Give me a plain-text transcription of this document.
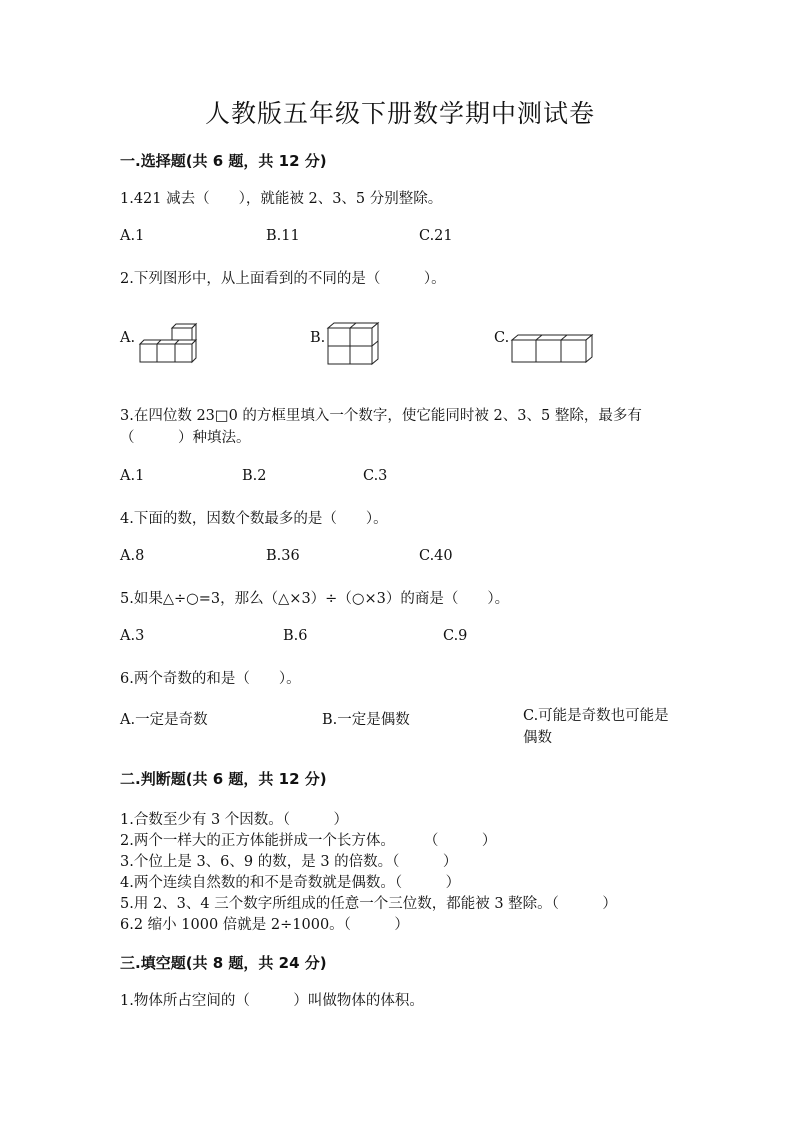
人教版五年级下册数学期中测试卷
一.选择题(共 6 题，共 12 分)
1.421 减去（　　），就能被 2、3、5 分别整除。
A.1	B.11	C.21
2.下列图形中，从上面看到的不同的是（　　　）。
A.	B.	C.
3.在四位数 23□0 的方框里填入一个数字，使它能同时被 2、3、5 整除，最多有（　　　）种填法。
A.1	B.2	C.3
4.下面的数，因数个数最多的是（　　）。
A.8	B.36	C.40
5.如果△÷○=3，那么（△×3）÷（○×3）的商是（　　）。
A.3	B.6	C.9
6.两个奇数的和是（　　）。
A.一定是奇数	B.一定是偶数	C.可能是奇数也可能是偶数
二.判断题(共 6 题，共 12 分)
1.合数至少有 3 个因数。（　　　）
2.两个一样大的正方体能拼成一个长方体。　　　（　　　）
3.个位上是 3、6、9 的数，是 3 的倍数。（　　　）
4.两个连续自然数的和不是奇数就是偶数。（　　　）
5.用 2、3、4 三个数字所组成的任意一个三位数，都能被 3 整除。（　　　）
6.2 缩小 1000 倍就是 2÷1000。（　　　）
三.填空题(共 8 题，共 24 分)
1.物体所占空间的（　　　）叫做物体的体积。
